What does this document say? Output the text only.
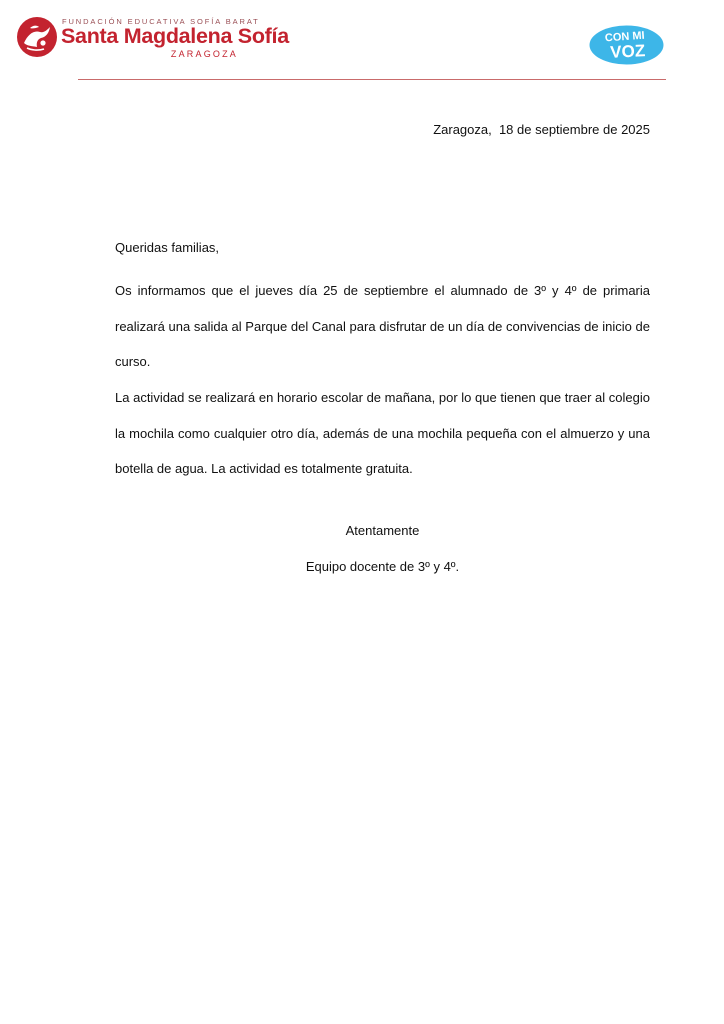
FUNDACIÓN EDUCATIVA SOFÍA BARAT
Santa Magdalena Sofía
ZARAGOZA
CON MI
VOZ
Zaragoza,  18 de septiembre de 2025

Queridas familias,

Os informamos que el jueves día 25 de septiembre el alumnado de 3º y 4º de primaria realizará una salida al Parque del Canal para disfrutar de un día de convivencias de inicio de curso.

La actividad se realizará en horario escolar de mañana, por lo que tienen que traer al colegio la mochila como cualquier otro día, además de una mochila pequeña con el almuerzo y una botella de agua. La actividad es totalmente gratuita.

Atentamente
Equipo docente de 3º y 4º.
